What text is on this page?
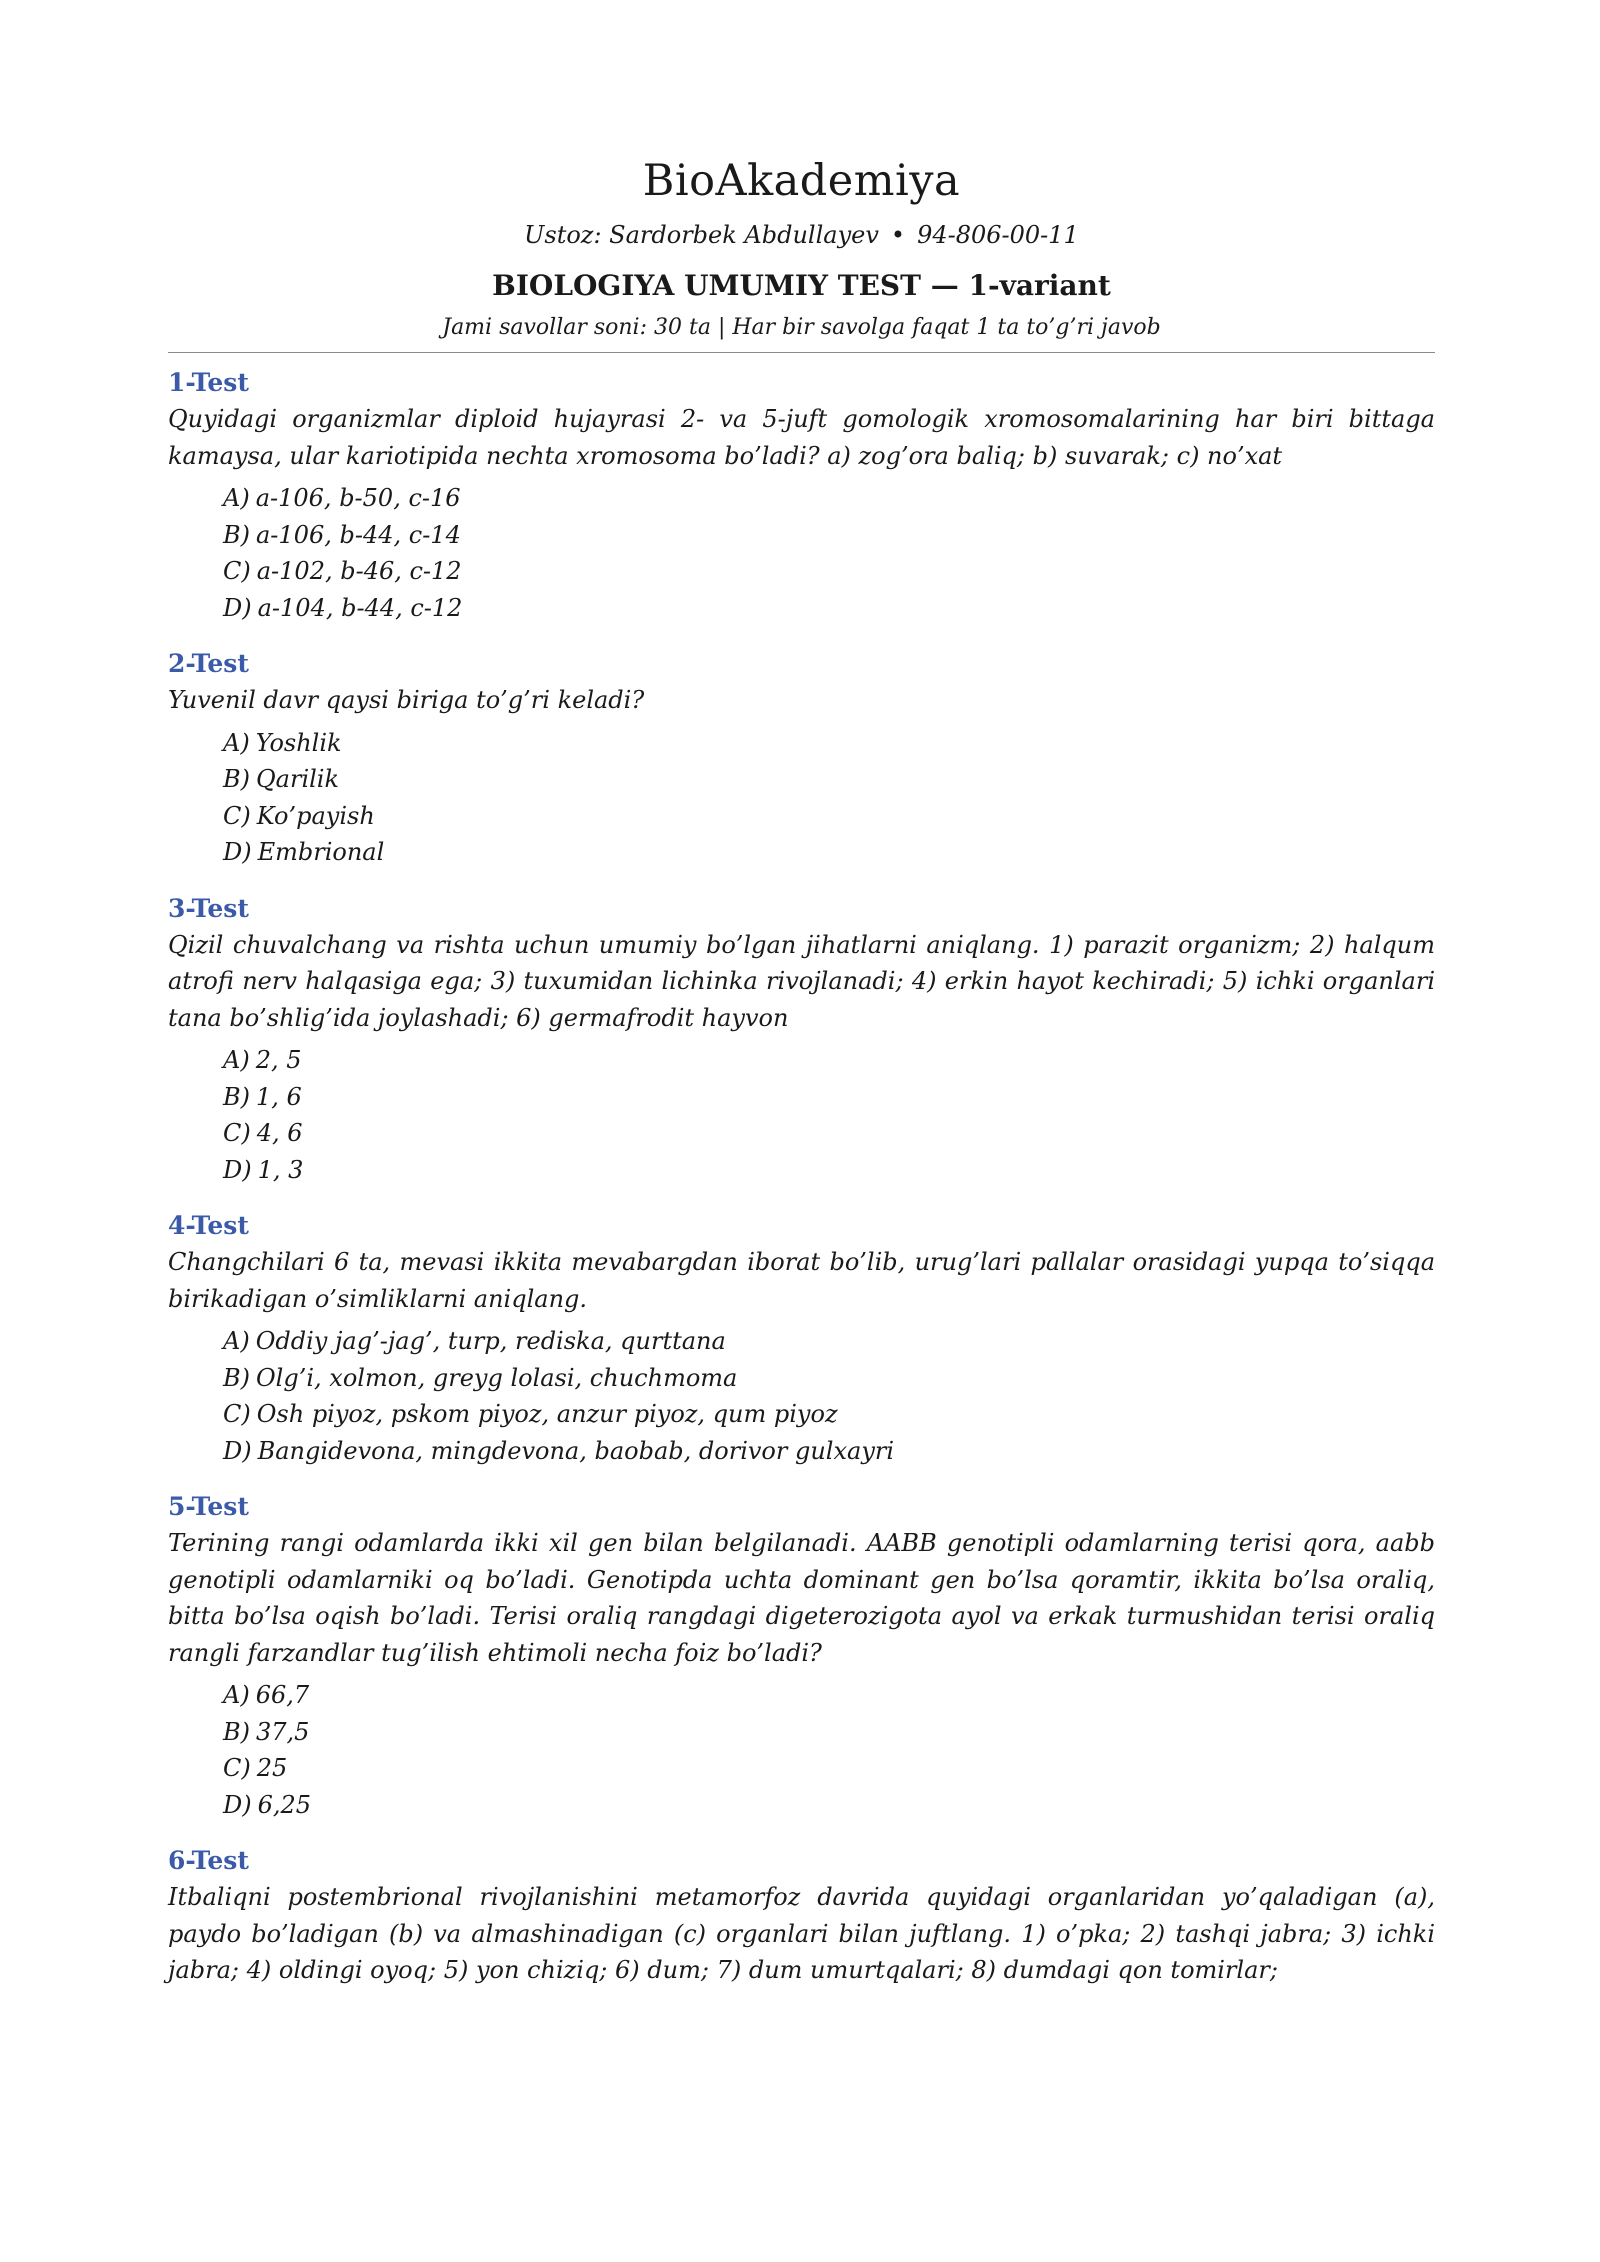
BioAkademiya
Ustoz: Sardorbek Abdullayev • 94-806-00-11
BIOLOGIYA UMUMIY TEST — 1-variant
Jami savollar soni: 30 ta | Har bir savolga faqat 1 ta to’g’ri javob
1-Test

Quyidagi organizmlar diploid hujayrasi 2- va 5-juft gomologik xromosomalarining har biri bittaga kamaysa, ular kariotipida nechta xromosoma bo’ladi? a) zog’ora baliq; b) suvarak; c) no’xat

A) a-106, b-50, c-16
B) a-106, b-44, c-14
C) a-102, b-46, c-12
D) a-104, b-44, c-12
2-Test

Yuvenil davr qaysi biriga to’g’ri keladi?

A) Yoshlik
B) Qarilik
C) Ko’payish
D) Embrional
3-Test

Qizil chuvalchang va rishta uchun umumiy bo’lgan jihatlarni aniqlang. 1) parazit organizm; 2) halqum atrofi nerv halqasiga ega; 3) tuxumidan lichinka rivojlanadi; 4) erkin hayot kechiradi; 5) ichki organlari tana bo’shlig’ida joylashadi; 6) germafrodit hayvon

A) 2, 5
B) 1, 6
C) 4, 6
D) 1, 3
4-Test

Changchilari 6 ta, mevasi ikkita mevabargdan iborat bo’lib, urug’lari pallalar orasidagi yupqa to’siqqa birikadigan o’simliklarni aniqlang.

A) Oddiy jag’-jag’, turp, rediska, qurttana
B) Olg’i, xolmon, greyg lolasi, chuchmoma
C) Osh piyoz, pskom piyoz, anzur piyoz, qum piyoz
D) Bangidevona, mingdevona, baobab, dorivor gulxayri
5-Test

Terining rangi odamlarda ikki xil gen bilan belgilanadi. AABB genotipli odamlarning terisi qora, aabb genotipli odamlarniki oq bo’ladi. Genotipda uchta dominant gen bo’lsa qoramtir, ikkita bo’lsa oraliq, bitta bo’lsa oqish bo’ladi. Terisi oraliq rangdagi digeterozigota ayol va erkak turmushidan terisi oraliq rangli farzandlar tug’ilish ehtimoli necha foiz bo’ladi?

A) 66,7
B) 37,5
C) 25
D) 6,25
6-Test

Itbaliqni postembrional rivojlanishini metamorfoz davrida quyidagi organlaridan yo’qaladigan (a), paydo bo’ladigan (b) va almashinadigan (c) organlari bilan juftlang. 1) o’pka; 2) tashqi jabra; 3) ichki jabra; 4) oldingi oyoq; 5) yon chiziq; 6) dum; 7) dum umurtqalari; 8) dumdagi qon tomirlar;
